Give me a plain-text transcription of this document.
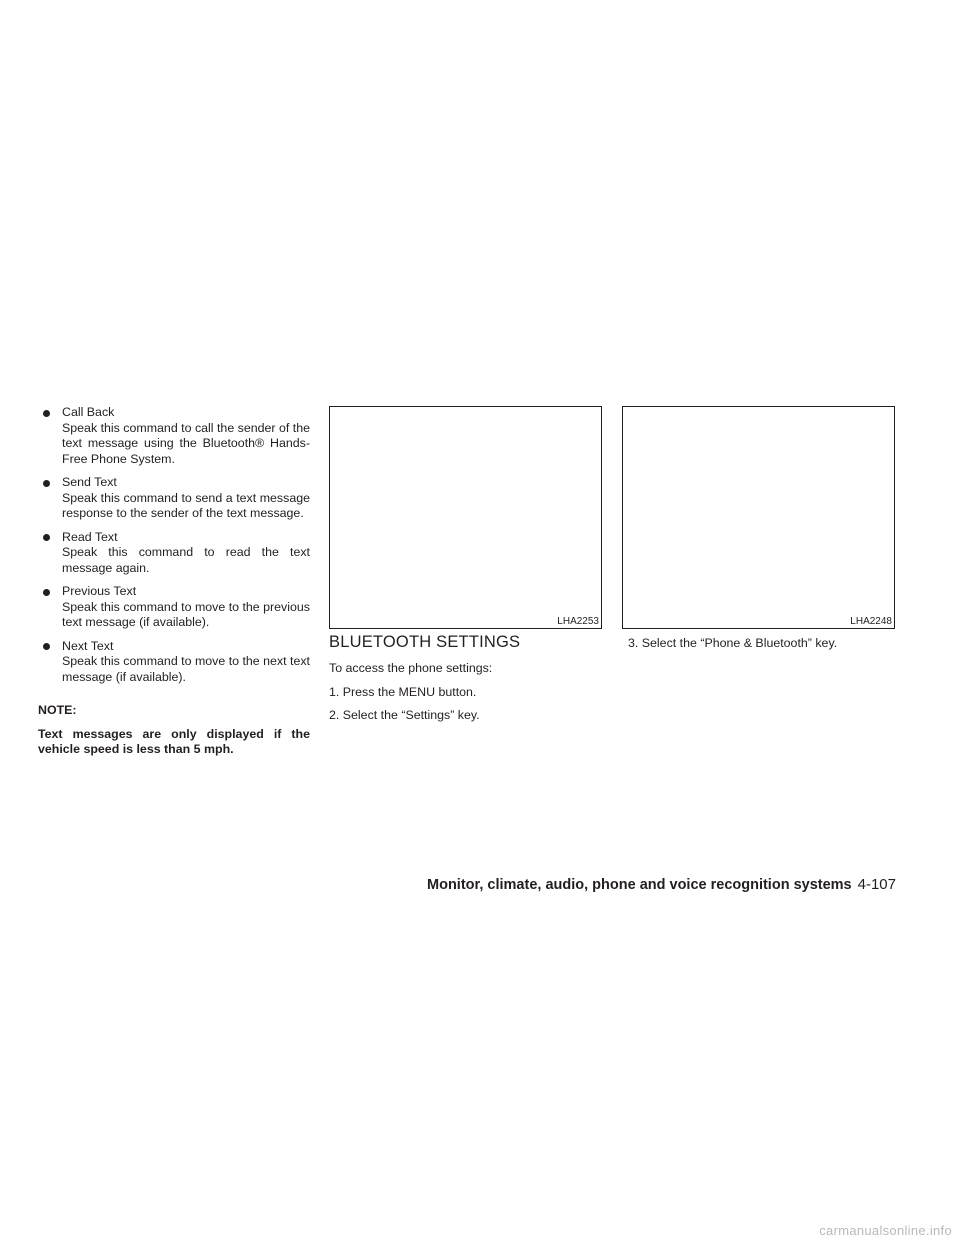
Call Back
Speak this command to call the sender of the text message using the Bluetooth® Hands-Free Phone System.
Send Text
Speak this command to send a text message response to the sender of the text message.
Read Text
Speak this command to read the text message again.
Previous Text
Speak this command to move to the previous text message (if available).
Next Text
Speak this command to move to the next text message (if available).
NOTE:
Text messages are only displayed if the vehicle speed is less than 5 mph.
LHA2253	LHA2248
BLUETOOTH SETTINGS

To access the phone settings:

1. Press the MENU button.

2. Select the “Settings” key.

3. Select the “Phone & Bluetooth” key.
Monitor, climate, audio, phone and voice recognition systems 4-107
carmanualsonline.info
